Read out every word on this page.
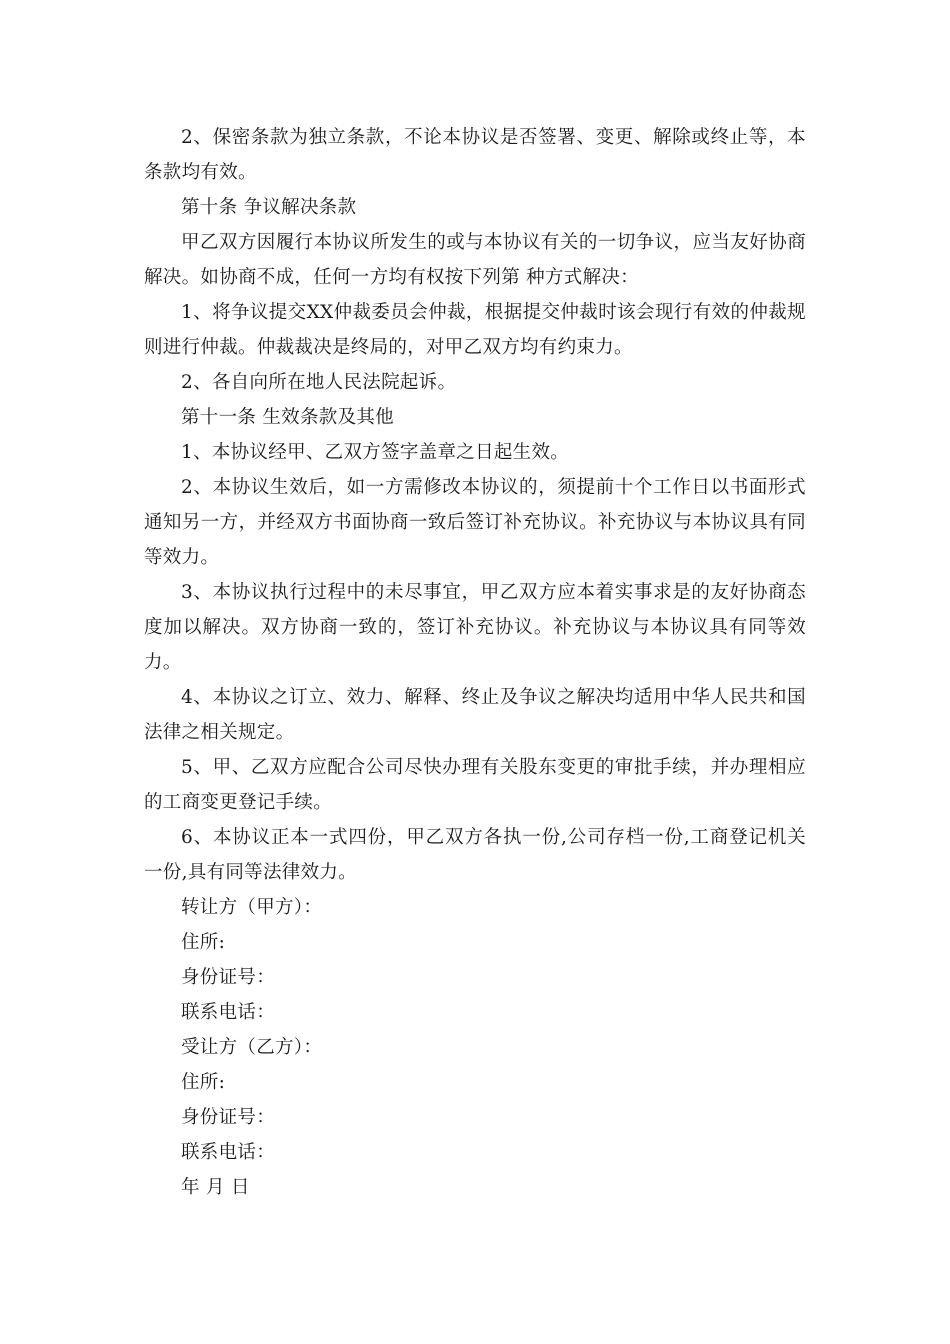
2、保密条款为独立条款，不论本协议是否签署、变更、解除或终止等，本条款均有效。

第十条 争议解决条款

甲乙双方因履行本协议所发生的或与本协议有关的一切争议，应当友好协商解决。如协商不成，任何一方均有权按下列第 种方式解决：

1、将争议提交XX仲裁委员会仲裁，根据提交仲裁时该会现行有效的仲裁规则进行仲裁。仲裁裁决是终局的，对甲乙双方均有约束力。

2、各自向所在地人民法院起诉。

第十一条 生效条款及其他

1、本协议经甲、乙双方签字盖章之日起生效。

2、本协议生效后，如一方需修改本协议的，须提前十个工作日以书面形式通知另一方，并经双方书面协商一致后签订补充协议。补充协议与本协议具有同等效力。

3、本协议执行过程中的未尽事宜，甲乙双方应本着实事求是的友好协商态度加以解决。双方协商一致的，签订补充协议。补充协议与本协议具有同等效力。

4、本协议之订立、效力、解释、终止及争议之解决均适用中华人民共和国法律之相关规定。

5、甲、乙双方应配合公司尽快办理有关股东变更的审批手续，并办理相应的工商变更登记手续。

6、本协议正本一式四份，甲乙双方各执一份,公司存档一份,工商登记机关一份,具有同等法律效力。

转让方（甲方）：

住所:

身份证号：

联系电话：

受让方（乙方）：

住所:

身份证号：

联系电话：

年 月 日
